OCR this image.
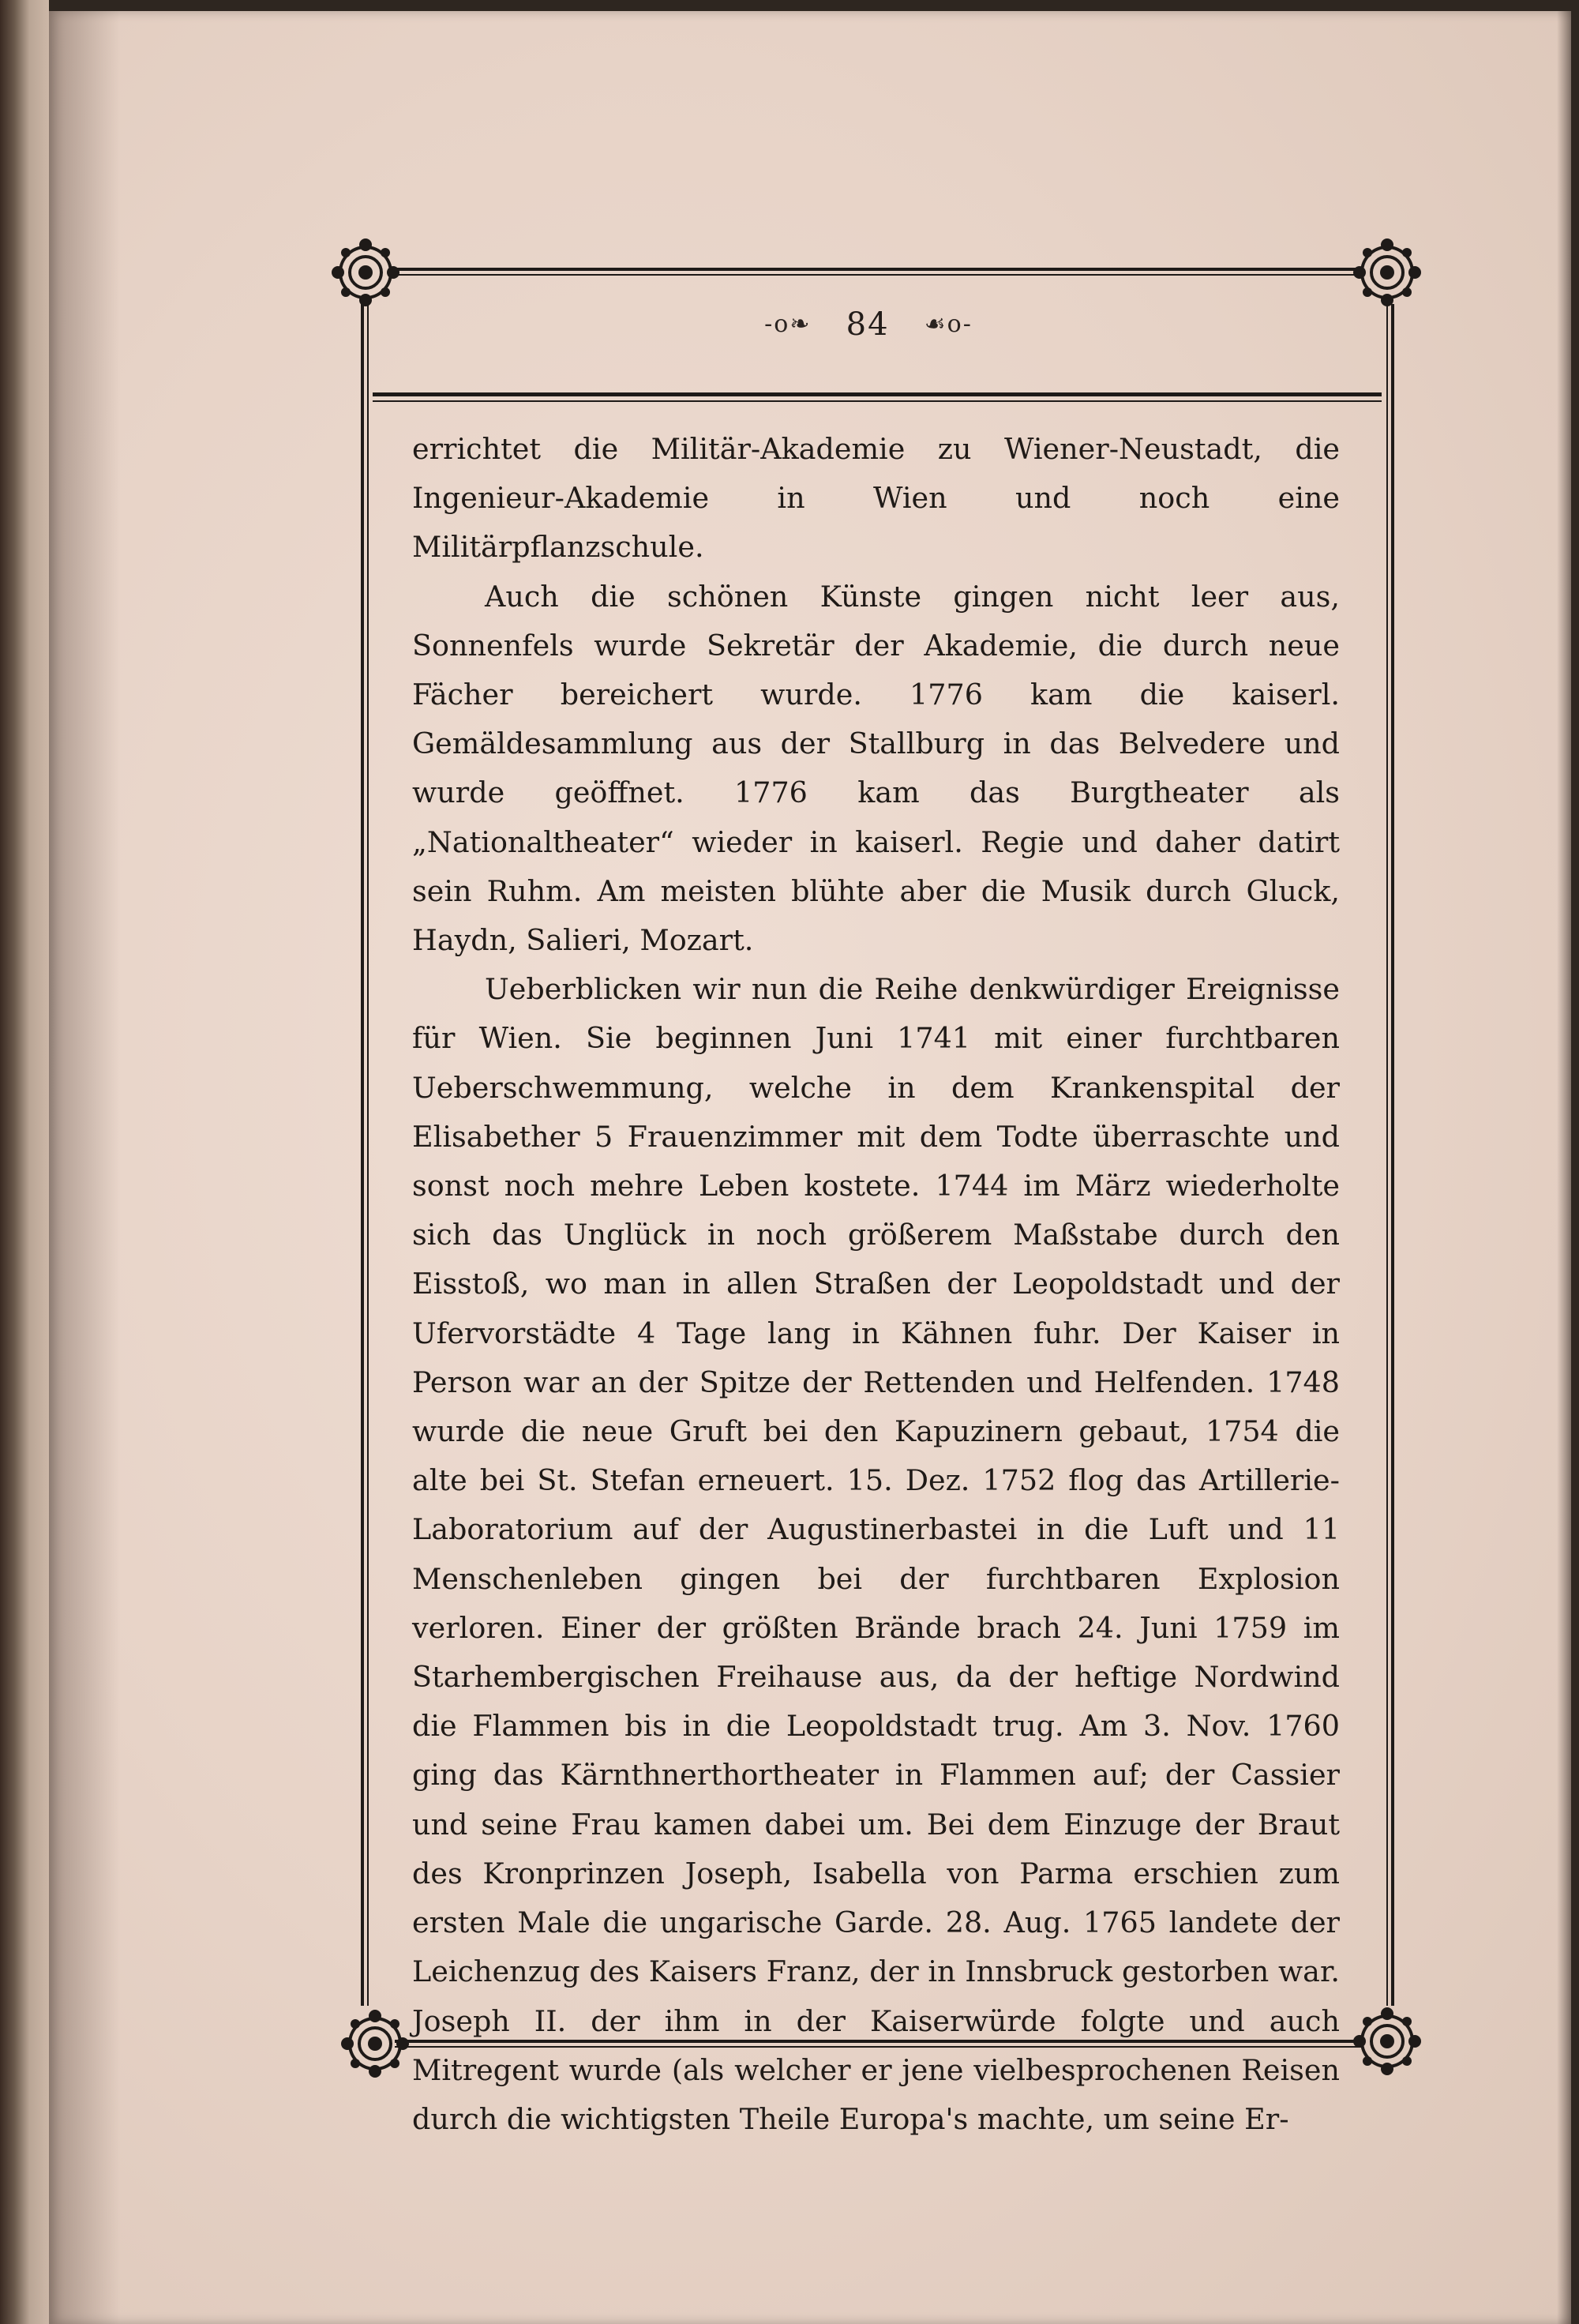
-o❧ 84 ☙o-

errichtet die Militär-Akademie zu Wiener-Neustadt, die Ingenieur-Akademie in Wien und noch eine Militärpflanzschule.

Auch die schönen Künste gingen nicht leer aus, Sonnenfels wurde Sekretär der Akademie, die durch neue Fächer bereichert wurde. 1776 kam die kaiserl. Gemäldesammlung aus der Stallburg in das Belvedere und wurde geöffnet. 1776 kam das Burgtheater als „Nationaltheater“ wieder in kaiserl. Regie und daher datirt sein Ruhm. Am meisten blühte aber die Musik durch Gluck, Haydn, Salieri, Mozart.

Ueberblicken wir nun die Reihe denkwürdiger Ereignisse für Wien. Sie beginnen Juni 1741 mit einer furchtbaren Ueberschwemmung, welche in dem Krankenspital der Elisabether 5 Frauenzimmer mit dem Todte überraschte und sonst noch mehre Leben kostete. 1744 im März wiederholte sich das Unglück in noch größerem Maßstabe durch den Eisstoß, wo man in allen Straßen der Leopoldstadt und der Ufervorstädte 4 Tage lang in Kähnen fuhr. Der Kaiser in Person war an der Spitze der Rettenden und Helfenden. 1748 wurde die neue Gruft bei den Kapuzinern gebaut, 1754 die alte bei St. Stefan erneuert. 15. Dez. 1752 flog das Artillerie-Laboratorium auf der Augustinerbastei in die Luft und 11 Menschenleben gingen bei der furchtbaren Explosion verloren. Einer der größten Brände brach 24. Juni 1759 im Starhembergischen Freihause aus, da der heftige Nordwind die Flammen bis in die Leopoldstadt trug. Am 3. Nov. 1760 ging das Kärnthnerthortheater in Flammen auf; der Cassier und seine Frau kamen dabei um. Bei dem Einzuge der Braut des Kronprinzen Joseph, Isabella von Parma erschien zum ersten Male die ungarische Garde. 28. Aug. 1765 landete der Leichenzug des Kaisers Franz, der in Innsbruck gestorben war. Joseph II. der ihm in der Kaiserwürde folgte und auch Mitregent wurde (als welcher er jene vielbesprochenen Reisen durch die wichtigsten Theile Europa's machte, um seine Er-
